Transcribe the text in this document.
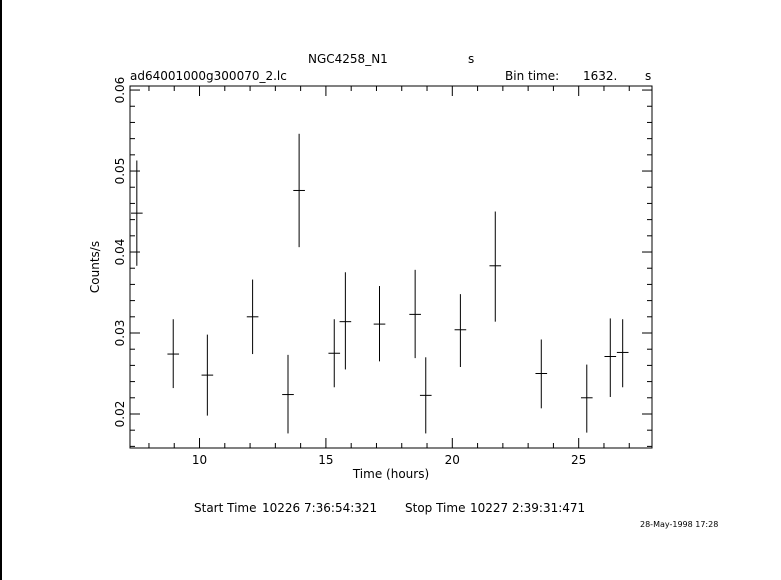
NGC4258_N1	s
ad64001000g300070_2.lc	Bin time: 1632. s
10	15	20	25
0.02
0.03
0.04
0.05
0.06
Time (hours)
Counts/s
Start Time 10226 7:36:54:321 Stop Time 10227 2:39:31:471
28-May-1998 17:28
